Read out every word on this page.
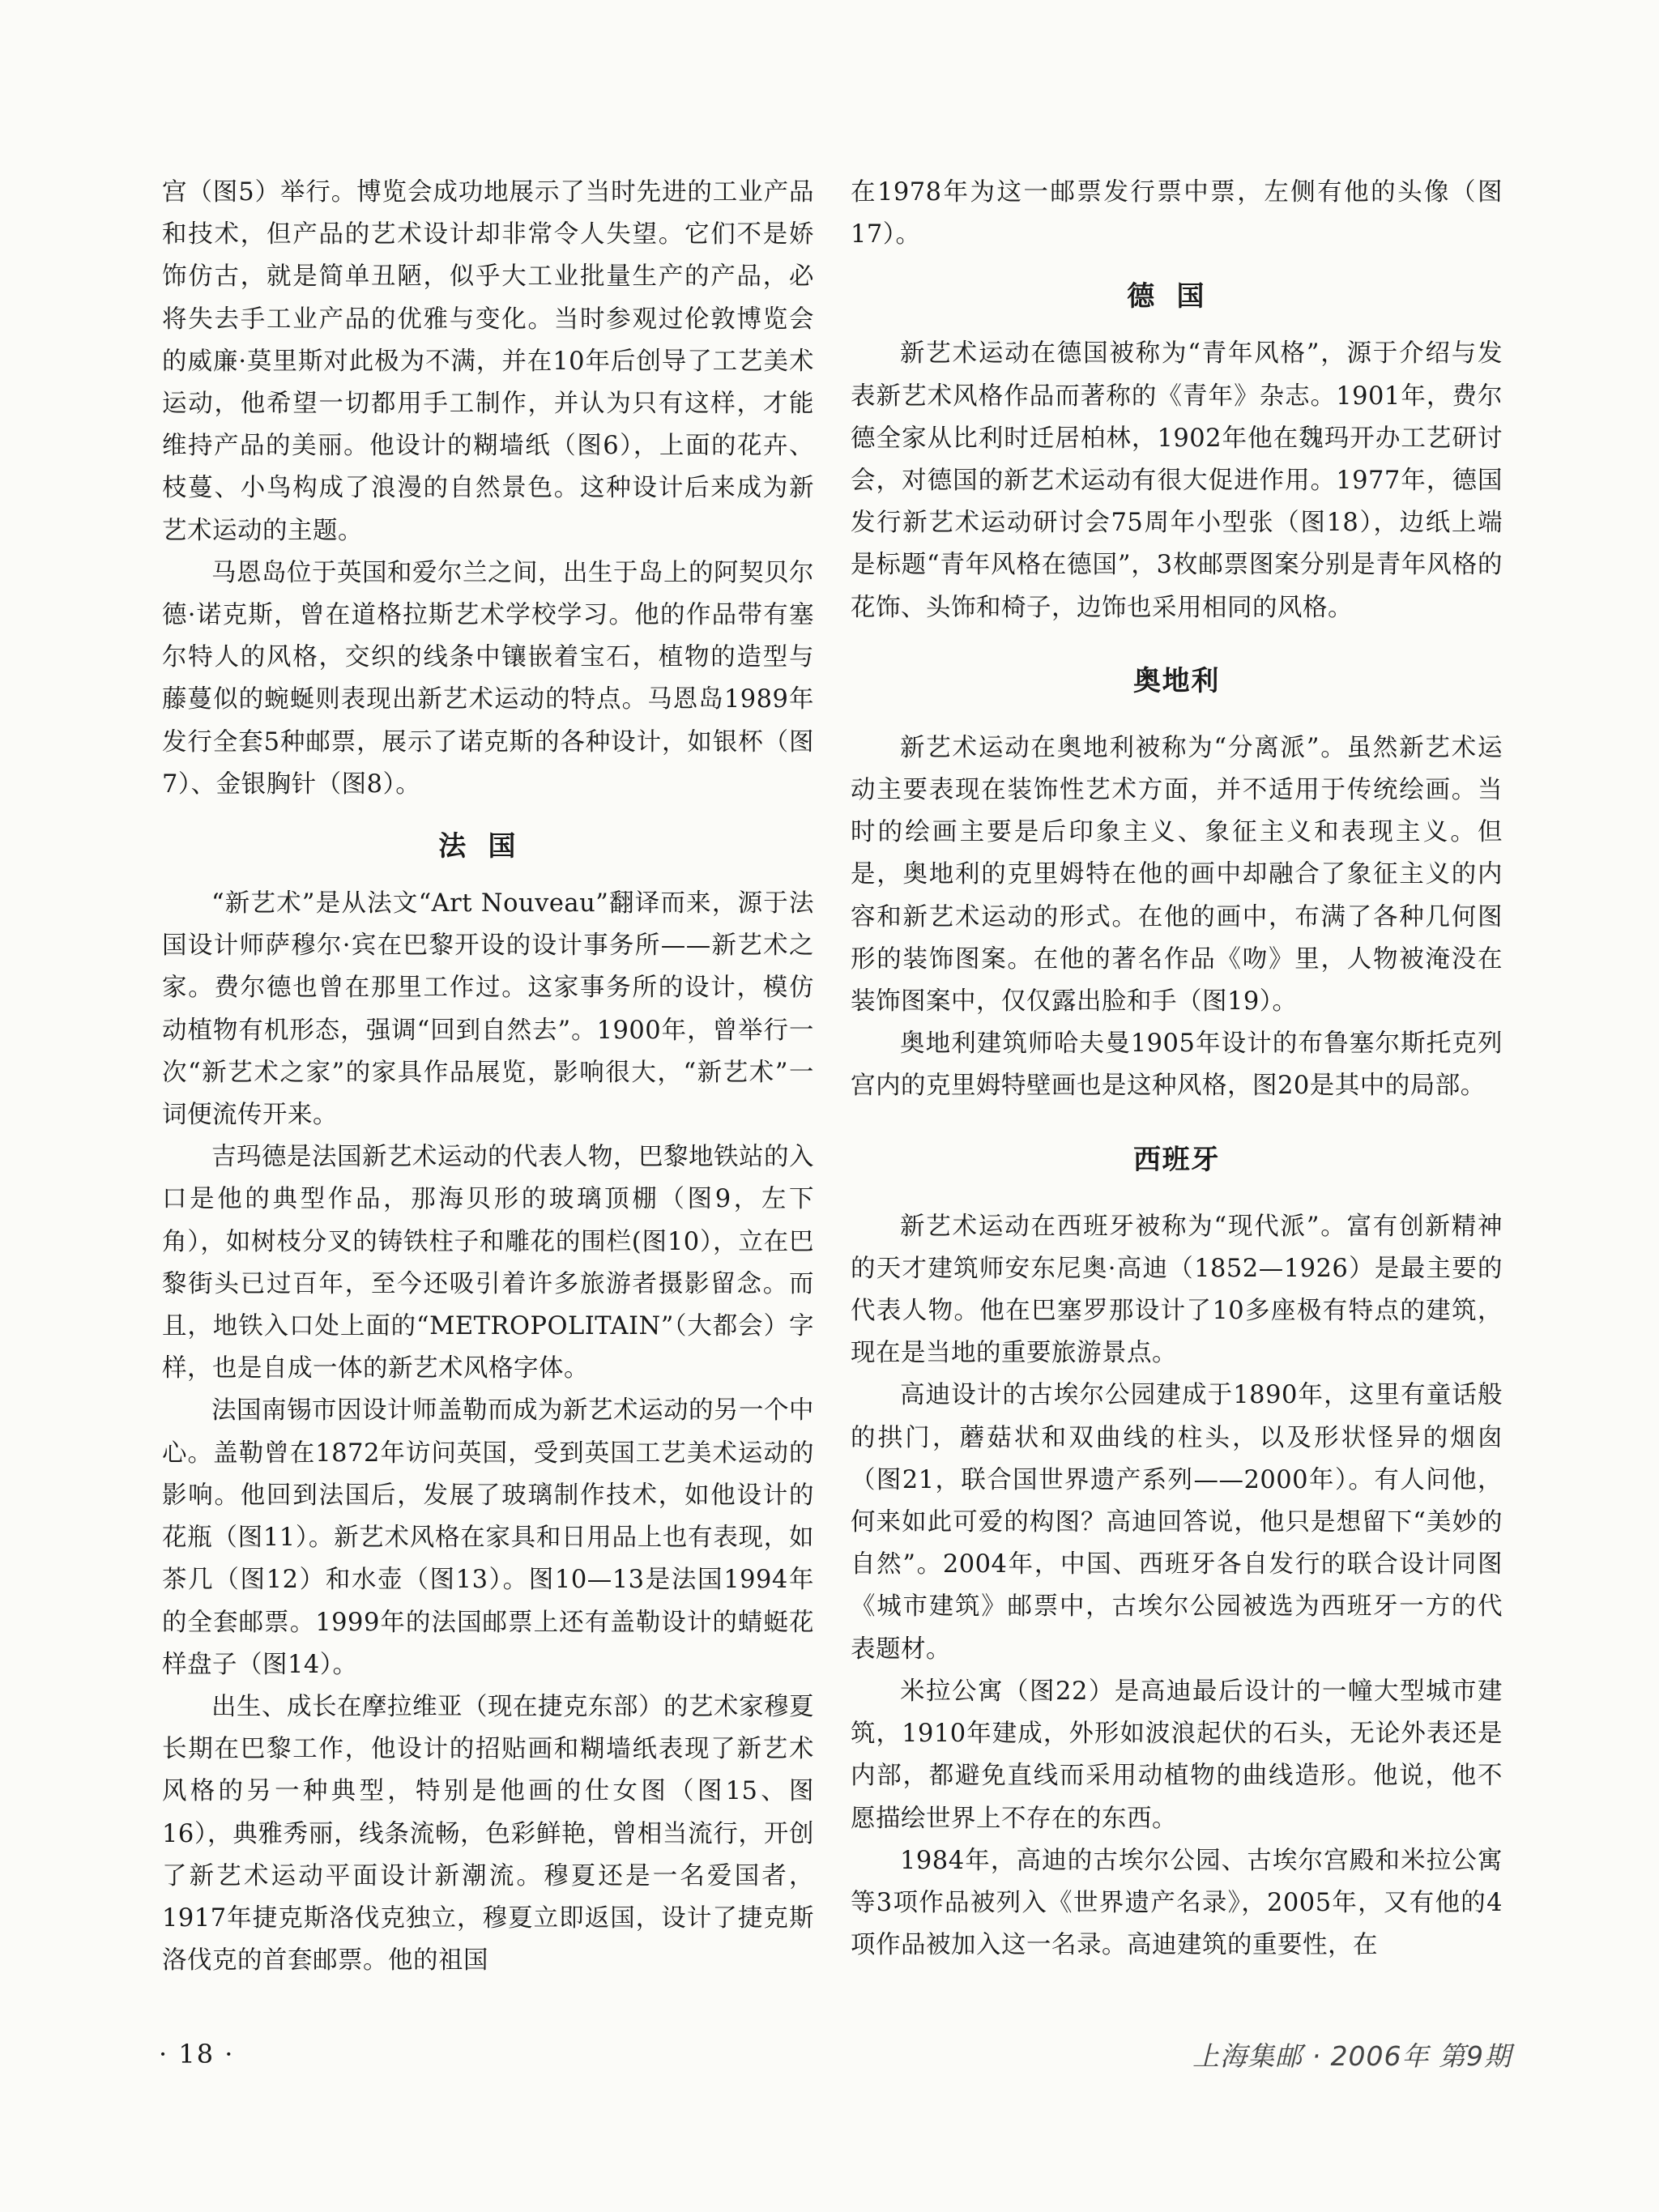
宫（图5）举行。博览会成功地展示了当时先进的工业产品和技术，但产品的艺术设计却非常令人失望。它们不是娇饰仿古，就是简单丑陋，似乎大工业批量生产的产品，必将失去手工业产品的优雅与变化。当时参观过伦敦博览会的威廉·莫里斯对此极为不满，并在10年后创导了工艺美术运动，他希望一切都用手工制作，并认为只有这样，才能维持产品的美丽。他设计的糊墙纸（图6），上面的花卉、枝蔓、小鸟构成了浪漫的自然景色。这种设计后来成为新艺术运动的主题。

马恩岛位于英国和爱尔兰之间，出生于岛上的阿契贝尔德·诺克斯，曾在道格拉斯艺术学校学习。他的作品带有塞尔特人的风格，交织的线条中镶嵌着宝石，植物的造型与藤蔓似的蜿蜒则表现出新艺术运动的特点。马恩岛1989年发行全套5种邮票，展示了诺克斯的各种设计，如银杯（图7）、金银胸针（图8）。

法国

“新艺术”是从法文“Art Nouveau”翻译而来，源于法国设计师萨穆尔·宾在巴黎开设的设计事务所——新艺术之家。费尔德也曾在那里工作过。这家事务所的设计，模仿动植物有机形态，强调“回到自然去”。1900年，曾举行一次“新艺术之家”的家具作品展览，影响很大，“新艺术”一词便流传开来。

吉玛德是法国新艺术运动的代表人物，巴黎地铁站的入口是他的典型作品，那海贝形的玻璃顶棚（图9，左下角），如树枝分叉的铸铁柱子和雕花的围栏(图10），立在巴黎街头已过百年，至今还吸引着许多旅游者摄影留念。而且，地铁入口处上面的“METROPOLITAIN”（大都会）字样，也是自成一体的新艺术风格字体。

法国南锡市因设计师盖勒而成为新艺术运动的另一个中心。盖勒曾在1872年访问英国，受到英国工艺美术运动的影响。他回到法国后，发展了玻璃制作技术，如他设计的花瓶（图11）。新艺术风格在家具和日用品上也有表现，如茶几（图12）和水壶（图13）。图10—13是法国1994年的全套邮票。1999年的法国邮票上还有盖勒设计的蜻蜓花样盘子（图14）。

出生、成长在摩拉维亚（现在捷克东部）的艺术家穆夏长期在巴黎工作，他设计的招贴画和糊墙纸表现了新艺术风格的另一种典型，特别是他画的仕女图（图15、图16），典雅秀丽，线条流畅，色彩鲜艳，曾相当流行，开创了新艺术运动平面设计新潮流。穆夏还是一名爱国者，1917年捷克斯洛伐克独立，穆夏立即返国，设计了捷克斯洛伐克的首套邮票。他的祖国

在1978年为这一邮票发行票中票，左侧有他的头像（图17）。

德国

新艺术运动在德国被称为“青年风格”，源于介绍与发表新艺术风格作品而著称的《青年》杂志。1901年，费尔德全家从比利时迁居柏林，1902年他在魏玛开办工艺研讨会，对德国的新艺术运动有很大促进作用。1977年，德国发行新艺术运动研讨会75周年小型张（图18），边纸上端是标题“青年风格在德国”，3枚邮票图案分别是青年风格的花饰、头饰和椅子，边饰也采用相同的风格。

奥地利

新艺术运动在奥地利被称为“分离派”。虽然新艺术运动主要表现在装饰性艺术方面，并不适用于传统绘画。当时的绘画主要是后印象主义、象征主义和表现主义。但是，奥地利的克里姆特在他的画中却融合了象征主义的内容和新艺术运动的形式。在他的画中，布满了各种几何图形的装饰图案。在他的著名作品《吻》里，人物被淹没在装饰图案中，仅仅露出脸和手（图19）。

奥地利建筑师哈夫曼1905年设计的布鲁塞尔斯托克列宫内的克里姆特壁画也是这种风格，图20是其中的局部。

西班牙

新艺术运动在西班牙被称为“现代派”。富有创新精神的天才建筑师安东尼奥·高迪（1852—1926）是最主要的代表人物。他在巴塞罗那设计了10多座极有特点的建筑，现在是当地的重要旅游景点。

高迪设计的古埃尔公园建成于1890年，这里有童话般的拱门，蘑菇状和双曲线的柱头，以及形状怪异的烟囱（图21，联合国世界遗产系列——2000年）。有人问他，何来如此可爱的构图？高迪回答说，他只是想留下“美妙的自然”。2004年，中国、西班牙各自发行的联合设计同图《城市建筑》邮票中，古埃尔公园被选为西班牙一方的代表题材。

米拉公寓（图22）是高迪最后设计的一幢大型城市建筑，1910年建成，外形如波浪起伏的石头，无论外表还是内部，都避免直线而采用动植物的曲线造形。他说，他不愿描绘世界上不存在的东西。

1984年，高迪的古埃尔公园、古埃尔宫殿和米拉公寓等3项作品被列入《世界遗产名录》，2005年，又有他的4项作品被加入这一名录。高迪建筑的重要性，在

· 18 ·	上海集邮 · 2006年 第9期
